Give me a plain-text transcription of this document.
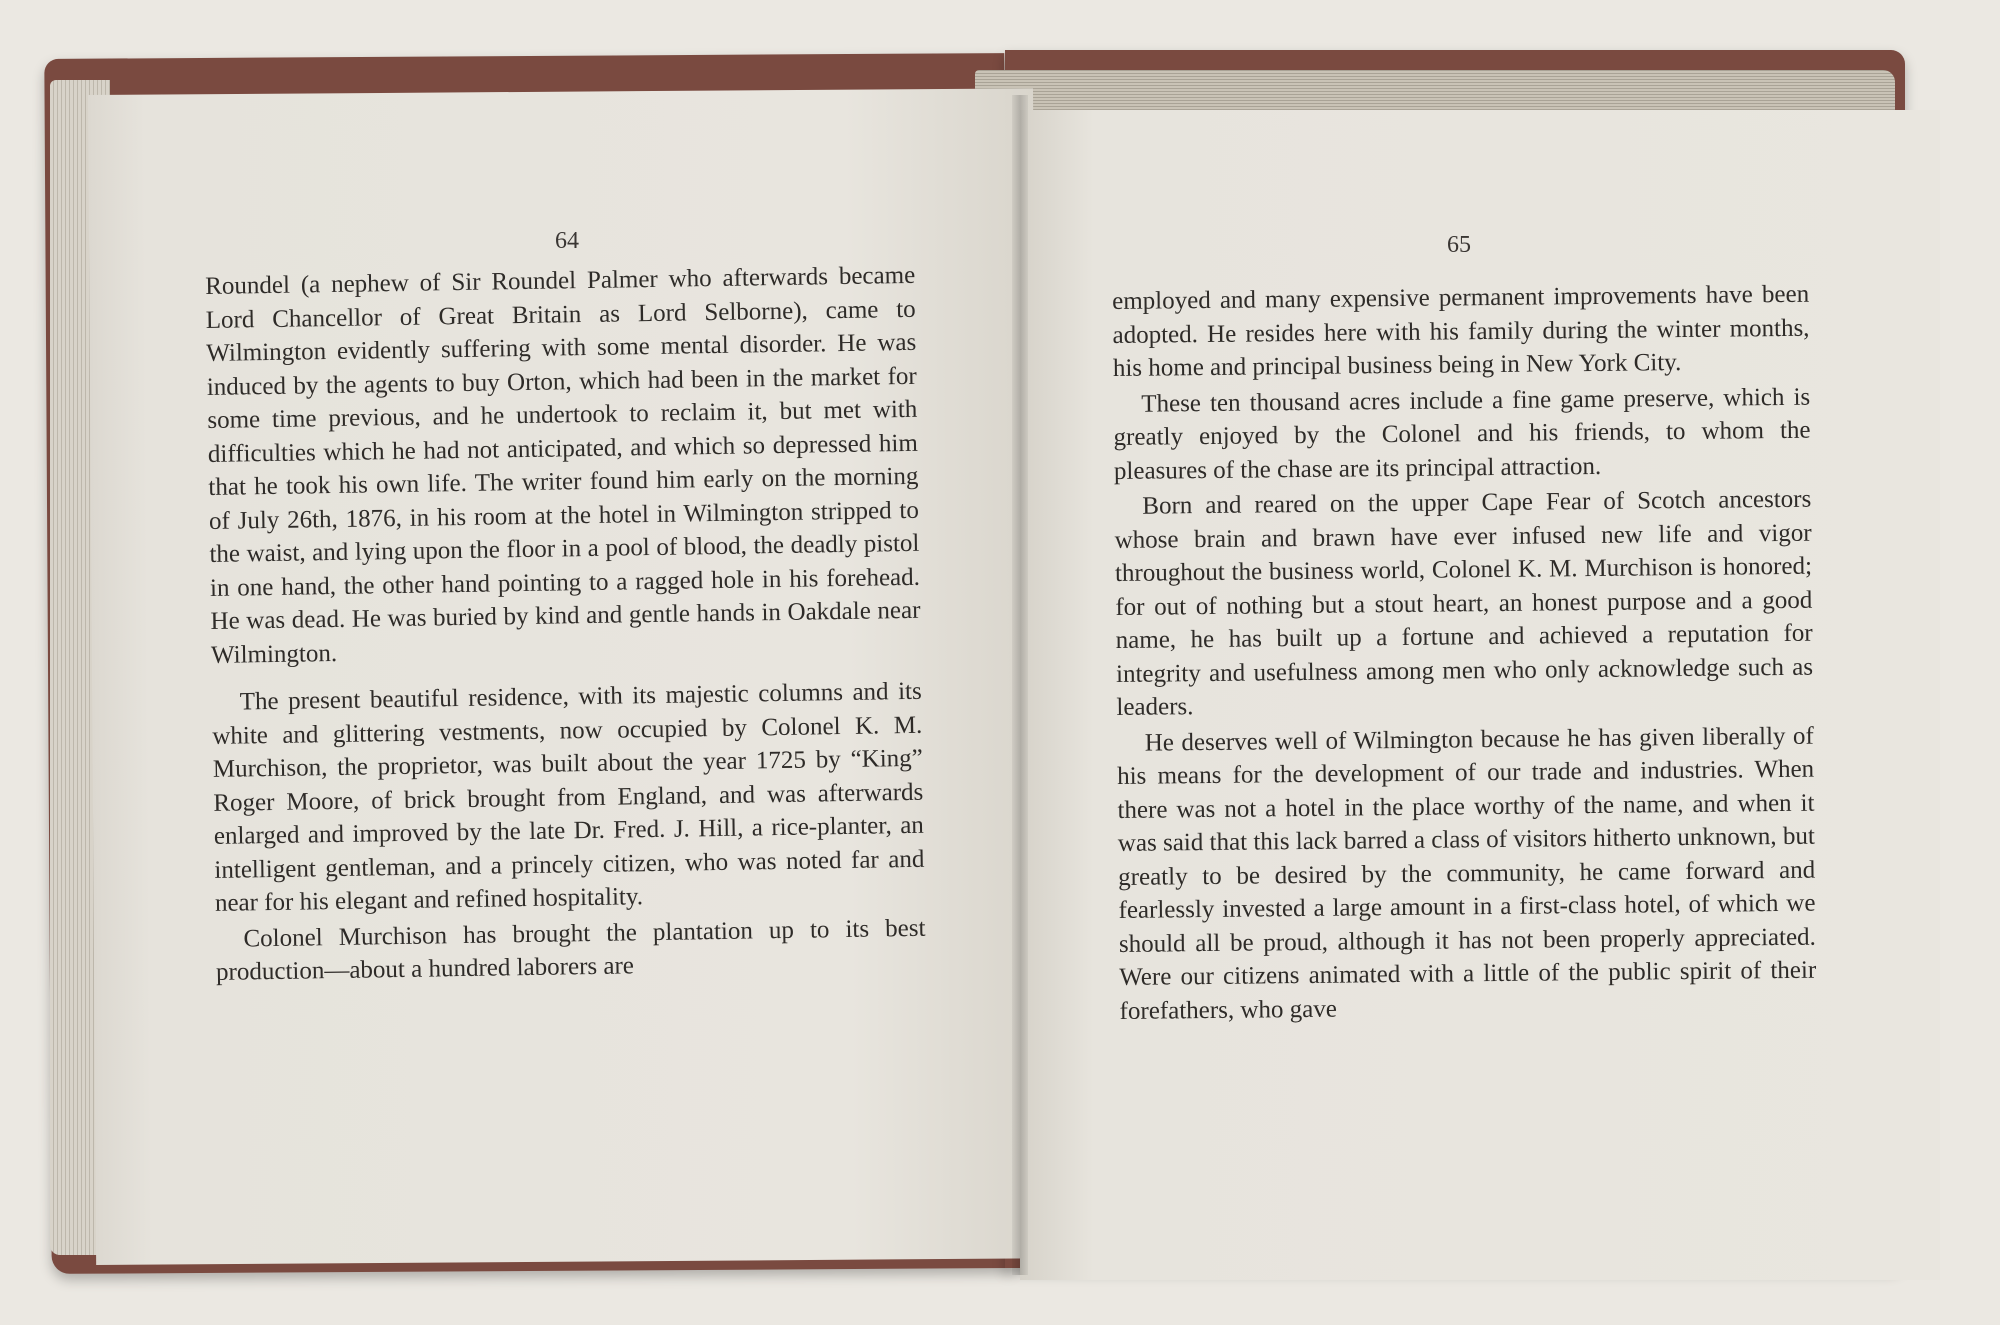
64	65

Roundel (a nephew of Sir Roundel Palmer who afterwards became Lord Chancellor of Great Britain as Lord Selborne), came to Wilmington evidently suffering with some mental disorder. He was induced by the agents to buy Orton, which had been in the market for some time previous, and he undertook to reclaim it, but met with difficulties which he had not anticipated, and which so depressed him that he took his own life. The writer found him early on the morning of July 26th, 1876, in his room at the hotel in Wilmington stripped to the waist, and lying upon the floor in a pool of blood, the deadly pistol in one hand, the other hand pointing to a ragged hole in his forehead. He was dead. He was buried by kind and gentle hands in Oakdale near Wilmington.

The present beautiful residence, with its majestic columns and its white and glittering vestments, now occupied by Colonel K. M. Murchison, the proprietor, was built about the year 1725 by “King” Roger Moore, of brick brought from England, and was afterwards enlarged and improved by the late Dr. Fred. J. Hill, a rice-planter, an intelligent gentleman, and a princely citizen, who was noted far and near for his elegant and refined hospitality.

Colonel Murchison has brought the plantation up to its best production—about a hundred laborers are

employed and many expensive permanent improvements have been adopted. He resides here with his family during the winter months, his home and principal business being in New York City.

These ten thousand acres include a fine game preserve, which is greatly enjoyed by the Colonel and his friends, to whom the pleasures of the chase are its principal attraction.

Born and reared on the upper Cape Fear of Scotch ancestors whose brain and brawn have ever infused new life and vigor throughout the business world, Colonel K. M. Murchison is honored; for out of nothing but a stout heart, an honest purpose and a good name, he has built up a fortune and achieved a reputation for integrity and usefulness among men who only acknowledge such as leaders.

He deserves well of Wilmington because he has given liberally of his means for the development of our trade and industries. When there was not a hotel in the place worthy of the name, and when it was said that this lack barred a class of visitors hitherto unknown, but greatly to be desired by the community, he came forward and fearlessly invested a large amount in a first-class hotel, of which we should all be proud, although it has not been properly appreciated. Were our citizens animated with a little of the public spirit of their forefathers, who gave
